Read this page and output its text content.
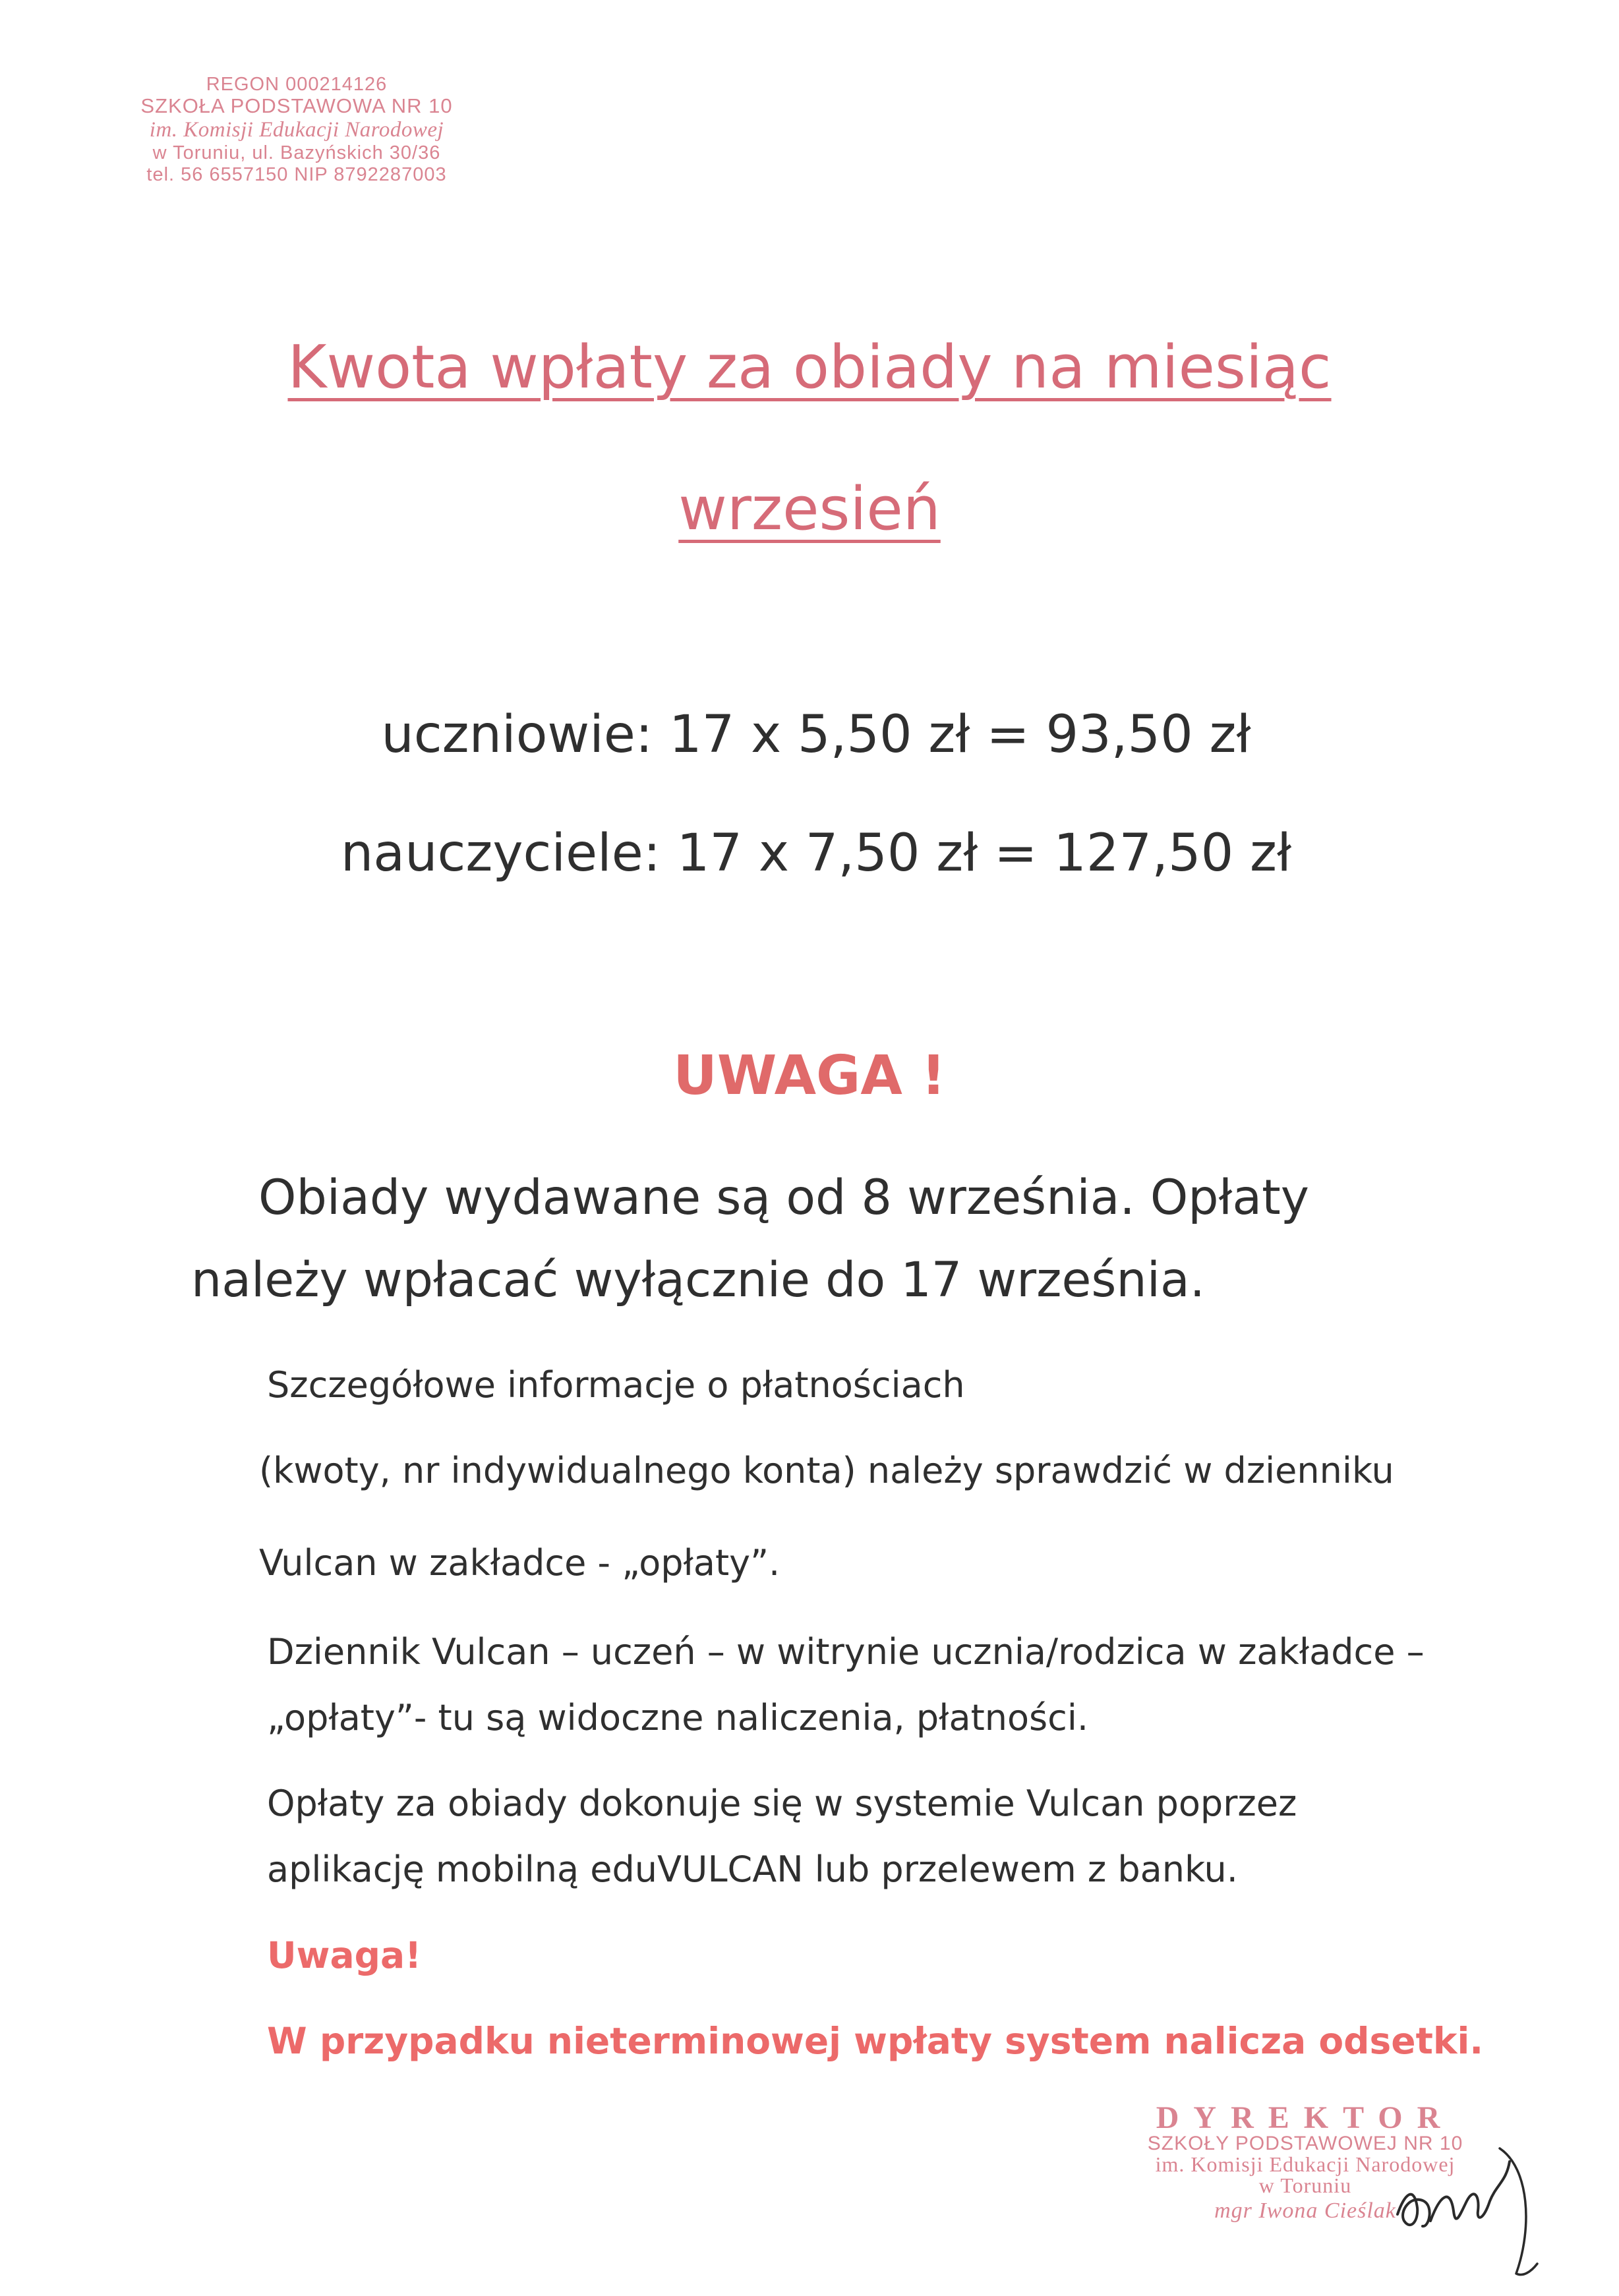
REGON 000214126
SZKOŁA PODSTAWOWA NR 10
im. Komisji Edukacji Narodowej
w Toruniu, ul. Bazyńskich 30/36
tel. 56 6557150 NIP 8792287003
Kwota wpłaty za obiady na miesiąc
wrzesień
uczniowie: 17 x 5,50 zł = 93,50 zł
nauczyciele: 17 x 7,50 zł = 127,50 zł
UWAGA !
Obiady wydawane są od 8 września. Opłaty
należy wpłacać wyłącznie do 17 września.
Szczegółowe informacje o płatnościach
(kwoty, nr indywidualnego konta) należy sprawdzić w dzienniku
Vulcan w zakładce - „opłaty”.
Dziennik Vulcan – uczeń – w witrynie ucznia/rodzica w zakładce –
„opłaty”- tu są widoczne naliczenia, płatności.
Opłaty za obiady dokonuje się w systemie Vulcan poprzez
aplikację mobilną eduVULCAN lub przelewem z banku.
Uwaga!
W przypadku nieterminowej wpłaty system nalicza odsetki.
DYREKTOR
SZKOŁY PODSTAWOWEJ NR 10
im. Komisji Edukacji Narodowej
w Toruniu
mgr Iwona Cieślak
